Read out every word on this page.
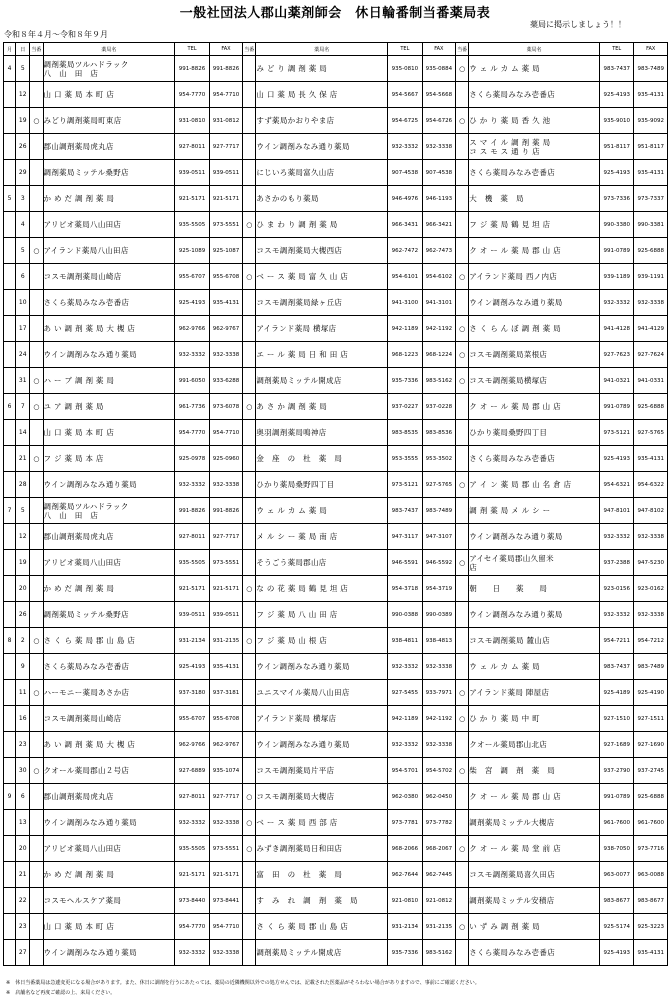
一般社団法人郡山薬剤師会　休日輪番制当番薬局表
薬局に掲示しましょう！！
令和８年４月～令和８年９月
月	日	当番	薬局名	TEL	FAX	当番	薬局名	TEL	FAX	当番	薬局名	TEL	FAX
4	5		調剤薬局ツルハドラック
八　山　田　店	991-8826	991-8826		み ど り 調 剤 薬 局	935-0810	935-0884	○	ウ ェ ル カ ム 薬 局	983-7437	983-7489
	12		山 口 薬 局 本 町 店	954-7770	954-7710		山 口 薬 局 長 久 保 店	954-5667	954-5668		さくら薬局みなみ壱番店	925-4193	935-4131
	19	○	みどり調剤薬局町東店	931-0810	931-0812		すず薬局かおりやま店	954-6725	954-6726	○	ひ か り 薬 局 香 久 池	935-9010	935-9092
	26		郡山調剤薬局虎丸店	927-8011	927-7717		ウイン調剤みなみ通り薬局	932-3332	932-3338		ス マ イ ル 調 剤 薬 局
コ ス モ ス 通 り 店	951-8117	951-8117
	29		調剤薬局ミッテル桑野店	939-0511	939-0511		にじいろ薬局富久山店	907-4538	907-4538		さくら薬局みなみ壱番店	925-4193	935-4131
5	3		か め だ 調 剤 薬 局	921-5171	921-5171		あさかのもり薬局	946-4976	946-1193		大　機　薬　局	973-7336	973-7337
	4		アリビオ薬局八山田店	935-5505	973-5551	○	ひ ま わ り 調 剤 薬 局	966-3431	966-3421		フ ジ 薬 局 鶴 見 坦 店	990-3380	990-3381
	5	○	アイランド薬局八山田店	925-1089	925-1087		コスモ調剤薬局大槻西店	962-7472	962-7473		ク オ ー ル 薬 局 郡 山 店	991-0789	925-6888
	6		コスモ調剤薬局山崎店	955-6707	955-6708	○	ベ ー ス 薬 局 富 久 山 店	954-6101	954-6102	○	アイランド薬局 西ノ内店	939-1189	939-1191
	10		さくら薬局みなみ壱番店	925-4193	935-4131		コスモ調剤薬局緑ヶ丘店	941-3100	941-3101		ウイン調剤みなみ通り薬局	932-3332	932-3338
	17		あ い 調 剤 薬 局 大 槻 店	962-9766	962-9767		アイランド薬局 横塚店	942-1189	942-1192	○	さ く ら ん ぼ 調 剤 薬 局	941-4128	941-4129
	24		ウイン調剤みなみ通り薬局	932-3332	932-3338		エ ー ル 薬 局 日 和 田 店	968-1223	968-1224	○	コスモ調剤薬局菜根店	927-7623	927-7624
	31	○	ハ ー ブ 調 剤 薬 局	991-6050	933-6288		調剤薬局ミッテル開成店	935-7336	983-5162	○	コスモ調剤薬局横塚店	941-0321	941-0331
6	7	○	ユ ア 調 剤 薬 局	961-7736	973-6078	○	あ さ か 調 剤 薬 局	937-0227	937-0228		ク オ ー ル 薬 局 郡 山 店	991-0789	925-6888
	14		山 口 薬 局 本 町 店	954-7770	954-7710		奥羽調剤薬局鳴神店	983-8535	983-8536		ひかり薬局桑野四丁目	973-5121	927-5765
	21	○	フ ジ 薬 局 本 店	925-0978	925-0960		金　座　の　杜　薬　局	953-3555	953-3502		さくら薬局みなみ壱番店	925-4193	935-4131
	28		ウイン調剤みなみ通り薬局	932-3332	932-3338		ひかり薬局桑野四丁目	973-5121	927-5765	○	ア イ ン 薬 局 郡 山 名 倉 店	954-6321	954-6322
7	5		調剤薬局ツルハドラック
八　山　田　店	991-8826	991-8826		ウ ェ ル カ ム 薬 局	983-7437	983-7489		調 剤 薬 局 メ ル シ ー	947-8101	947-8102
	12		郡山調剤薬局虎丸店	927-8011	927-7717		メ ル シ ー 薬 局 南 店	947-3117	947-3107		ウイン調剤みなみ通り薬局	932-3332	932-3338
	19		アリビオ薬局八山田店	935-5505	973-5551		そうごう薬局郡山店	946-5591	946-5592	○	アイセイ薬局郡山久留米
店	937-2388	947-5230
	20		か め だ 調 剤 薬 局	921-5171	921-5171	○	な の 花 薬 局 鶴 見 坦 店	954-3718	954-3719		朝　　日　　薬　　局	923-0156	923-0162
	26		調剤薬局ミッテル桑野店	939-0511	939-0511		フ ジ 薬 局 八 山 田 店	990-0388	990-0389		ウイン調剤みなみ通り薬局	932-3332	932-3338
8	2	○	さ く ら 薬 局 郡 山 島 店	931-2134	931-2135	○	フ ジ 薬 局 山 根 店	938-4811	938-4813		コスモ調剤薬局 麓山店	954-7211	954-7212
	9		さくら薬局みなみ壱番店	925-4193	935-4131		ウイン調剤みなみ通り薬局	932-3332	932-3338		ウ ェ ル カ ム 薬 局	983-7437	983-7489
	11	○	ハーモニー薬局あさか店	937-3180	937-3181		ユニスマイル薬局八山田店	927-5455	933-7971	○	アイランド薬局 陣屋店	925-4189	925-4190
	16		コスモ調剤薬局山崎店	955-6707	955-6708		アイランド薬局 横塚店	942-1189	942-1192	○	ひ か り 薬 局 中 町	927-1510	927-1511
	23		あ い 調 剤 薬 局 大 槻 店	962-9766	962-9767		ウイン調剤みなみ通り薬局	932-3332	932-3338		クオール薬局郡山北店	927-1689	927-1690
	30	○	クオール薬局郡山２号店	927-6889	935-1074		コスモ調剤薬局片平店	954-5701	954-5702	○	柴　宮　調　剤　薬　局	937-2790	937-2745
9	6		郡山調剤薬局虎丸店	927-8011	927-7717	○	コスモ調剤薬局大槻店	962-0380	962-0450		ク オ ー ル 薬 局 郡 山 店	991-0789	925-6888
	13		ウイン調剤みなみ通り薬局	932-3332	932-3338	○	ベ ー ス 薬 局 西 部 店	973-7781	973-7782		調剤薬局ミッテル大槻店	961-7600	961-7600
	20		アリビオ薬局八山田店	935-5505	973-5551	○	みずき調剤薬局日和田店	968-2066	968-2067	○	ク オ ー ル 薬 局 堂 前 店	938-7050	973-7716
	21		か め だ 調 剤 薬 局	921-5171	921-5171		富　田　の　杜　薬　局	962-7644	962-7445		コスモ調剤薬局喜久田店	963-0077	963-0088
	22		コスモヘルスケア薬局	973-8440	973-8441		す　み　れ　調　剤　薬　局	921-0810	921-0812		調剤薬局ミッテル安積店	983-8677	983-8677
	23		山 口 薬 局 本 町 店	954-7770	954-7710		さ く ら 薬 局 郡 山 島 店	931-2134	931-2135	○	い ず み 調 剤 薬 局	925-5174	925-3223
	27		ウイン調剤みなみ通り薬局	932-3332	932-3338		調剤薬局ミッテル開成店	935-7336	983-5162		さくら薬局みなみ壱番店	925-4193	935-4131
※　休日当番薬局は急遽変更になる場合があります。また、休日に調剤を行うにあたっては、薬局の近隣機関以外での処方せんでは、記載された医薬品がそろわない場合がありますので、事前にご確認ください。
※　店舗名など再度ご確認の上、来局ください。
